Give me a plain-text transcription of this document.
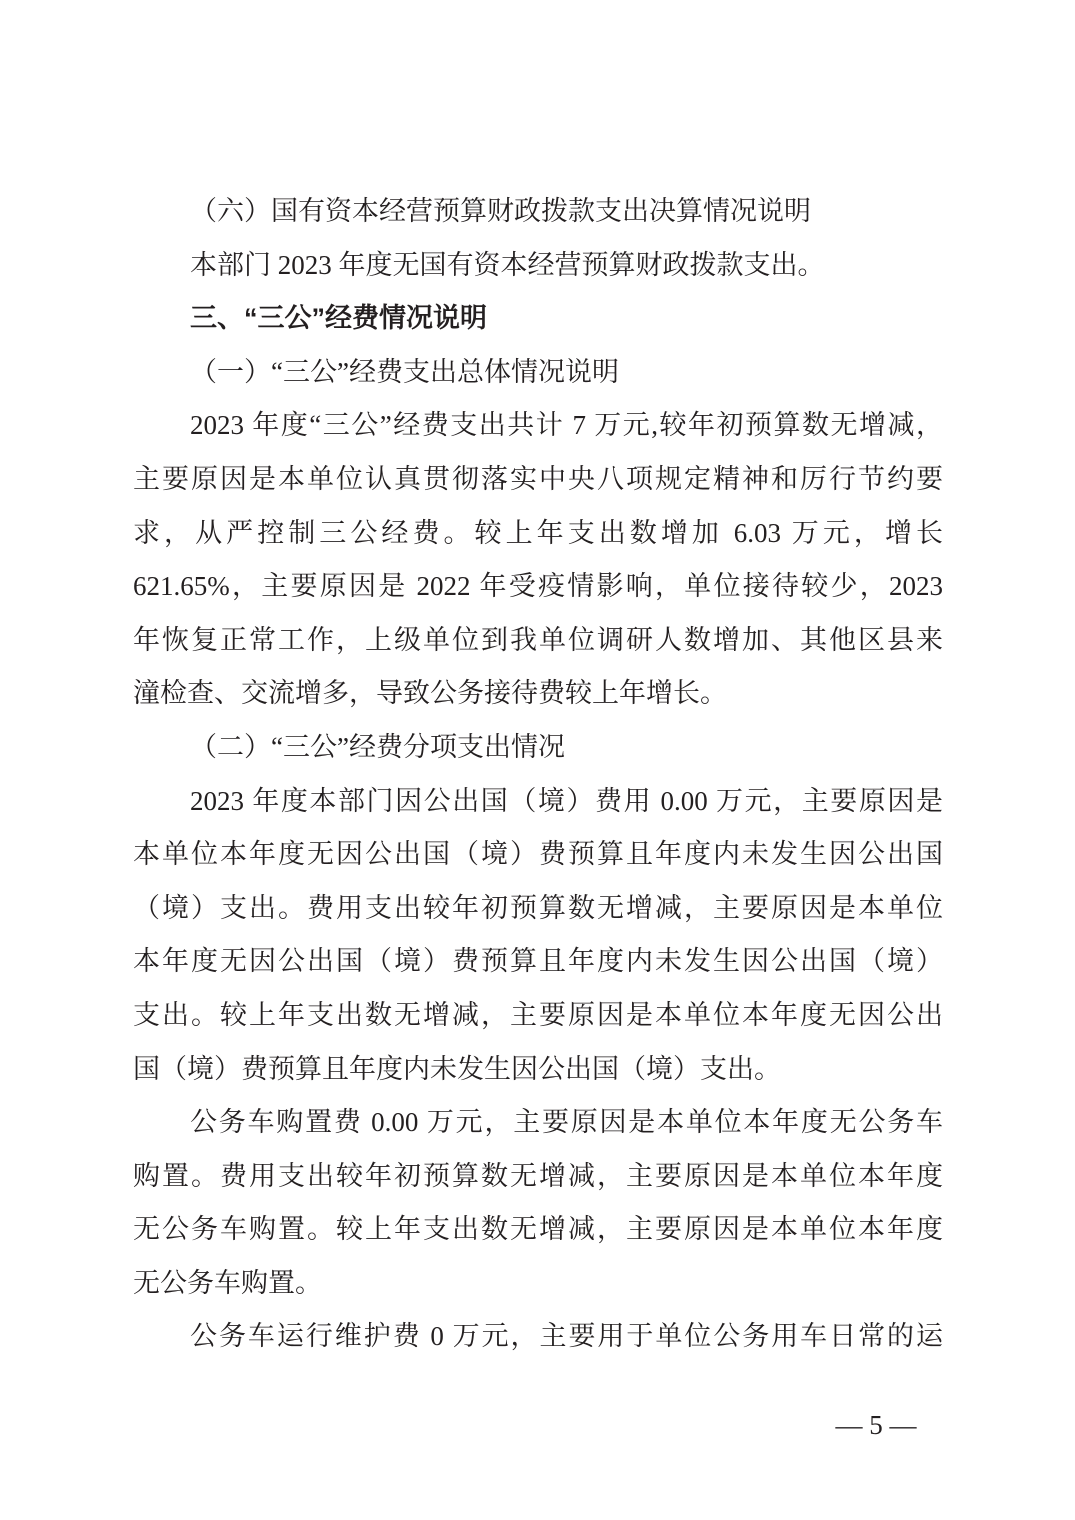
（六）国有资本经营预算财政拨款支出决算情况说明
本部门 2023 年度无国有资本经营预算财政拨款支出。
三、“三公”经费情况说明
（一）“三公”经费支出总体情况说明
2023 年度“三公”经费支出共计 7 万元,较年初预算数无增减，
主要原因是本单位认真贯彻落实中央八项规定精神和厉行节约要
求，从严控制三公经费。较上年支出数增加 6.03 万元，增长
621.65%，主要原因是 2022 年受疫情影响，单位接待较少，2023
年恢复正常工作，上级单位到我单位调研人数增加、其他区县来
潼检查、交流增多，导致公务接待费较上年增长。
（二）“三公”经费分项支出情况
2023 年度本部门因公出国（境）费用 0.00 万元，主要原因是
本单位本年度无因公出国（境）费预算且年度内未发生因公出国
（境）支出。费用支出较年初预算数无增减，主要原因是本单位
本年度无因公出国（境）费预算且年度内未发生因公出国（境）
支出。较上年支出数无增减，主要原因是本单位本年度无因公出
国（境）费预算且年度内未发生因公出国（境）支出。
公务车购置费 0.00 万元，主要原因是本单位本年度无公务车
购置。费用支出较年初预算数无增减，主要原因是本单位本年度
无公务车购置。较上年支出数无增减，主要原因是本单位本年度
无公务车购置。
公务车运行维护费 0 万元，主要用于单位公务用车日常的运
— 5 —
